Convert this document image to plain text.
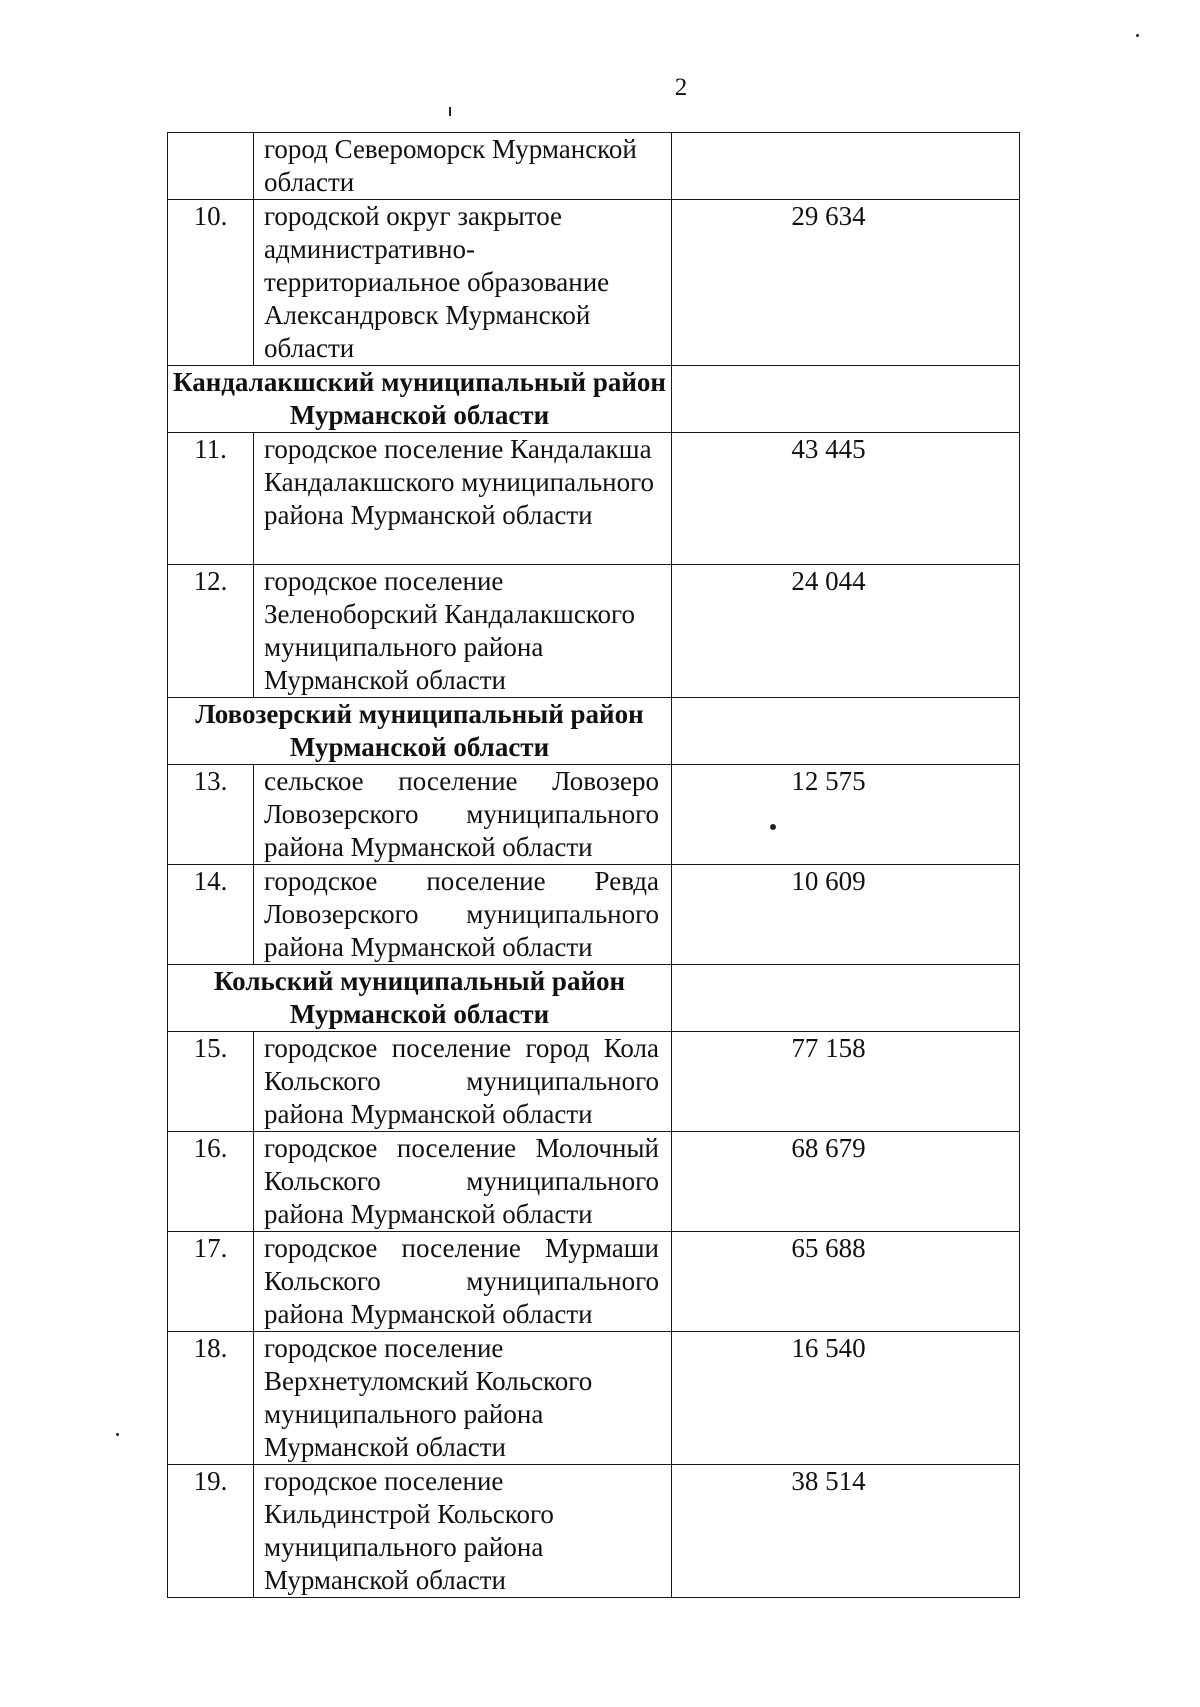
2
	город Североморск Мурманской области	
10.	городской округ закрытое административно-территориальное образование Александровск Мурманской области	29 634
Кандалакшский муниципальный район Мурманской области		
11.	городское поселение Кандалакша Кандалакшского муниципального района Мурманской области	43 445
12.	городское поселение Зеленоборский Кандалакшского муниципального района Мурманской области	24 044
Ловозерский муниципальный район Мурманской области		
13.	сельское поселение Ловозеро Ловозерского муниципального района Мурманской области	12 575
14.	городское поселение Ревда Ловозерского муниципального района Мурманской области	10 609
Кольский муниципальный район Мурманской области		
15.	городское поселение город Кола Кольского муниципального района Мурманской области	77 158
16.	городское поселение Молочный Кольского муниципального района Мурманской области	68 679
17.	городское поселение Мурмаши Кольского муниципального района Мурманской области	65 688
18.	городское поселение Верхнетуломский Кольского муниципального района Мурманской области	16 540
19.	городское поселение Кильдинстрой Кольского муниципального района Мурманской области	38 514
